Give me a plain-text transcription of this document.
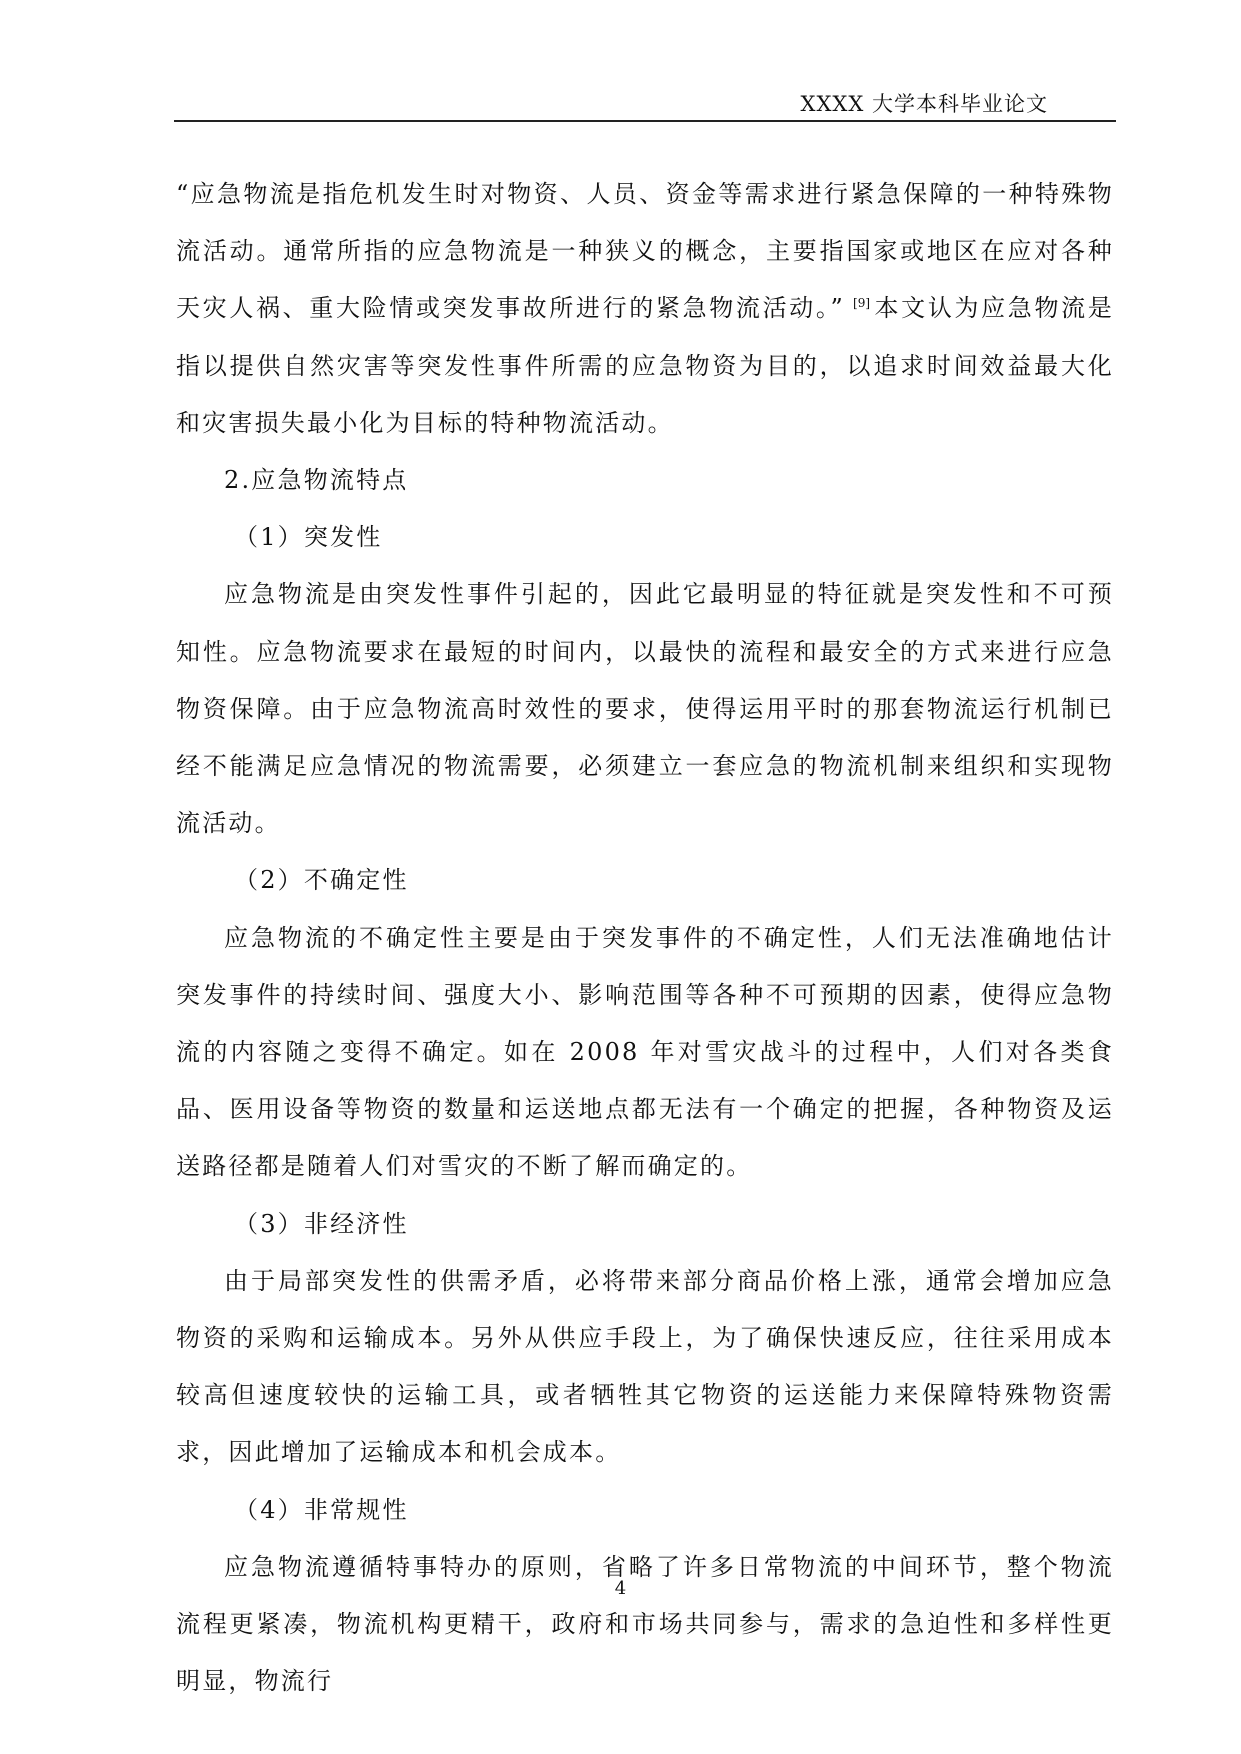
XXXX 大学本科毕业论文

“应急物流是指危机发生时对物资、人员、资金等需求进行紧急保障的一种特殊物流活动。通常所指的应急物流是一种狭义的概念，主要指国家或地区在应对各种天灾人祸、重大险情或突发事故所进行的紧急物流活动。” [9] 本文认为应急物流是指以提供自然灾害等突发性事件所需的应急物资为目的，以追求时间效益最大化和灾害损失最小化为目标的特种物流活动。

2.应急物流特点

（1）突发性

应急物流是由突发性事件引起的，因此它最明显的特征就是突发性和不可预知性。应急物流要求在最短的时间内，以最快的流程和最安全的方式来进行应急物资保障。由于应急物流高时效性的要求，使得运用平时的那套物流运行机制已经不能满足应急情况的物流需要，必须建立一套应急的物流机制来组织和实现物流活动。

（2）不确定性

应急物流的不确定性主要是由于突发事件的不确定性，人们无法准确地估计突发事件的持续时间、强度大小、影响范围等各种不可预期的因素，使得应急物流的内容随之变得不确定。如在 2008 年对雪灾战斗的过程中，人们对各类食品、医用设备等物资的数量和运送地点都无法有一个确定的把握，各种物资及运送路径都是随着人们对雪灾的不断了解而确定的。

（3）非经济性

由于局部突发性的供需矛盾，必将带来部分商品价格上涨，通常会增加应急物资的采购和运输成本。另外从供应手段上，为了确保快速反应，往往采用成本较高但速度较快的运输工具，或者牺牲其它物资的运送能力来保障特殊物资需求，因此增加了运输成本和机会成本。

（4）非常规性

应急物流遵循特事特办的原则，省略了许多日常物流的中间环节，整个物流流程更紧凑，物流机构更精干，政府和市场共同参与，需求的急迫性和多样性更明显，物流行

4
